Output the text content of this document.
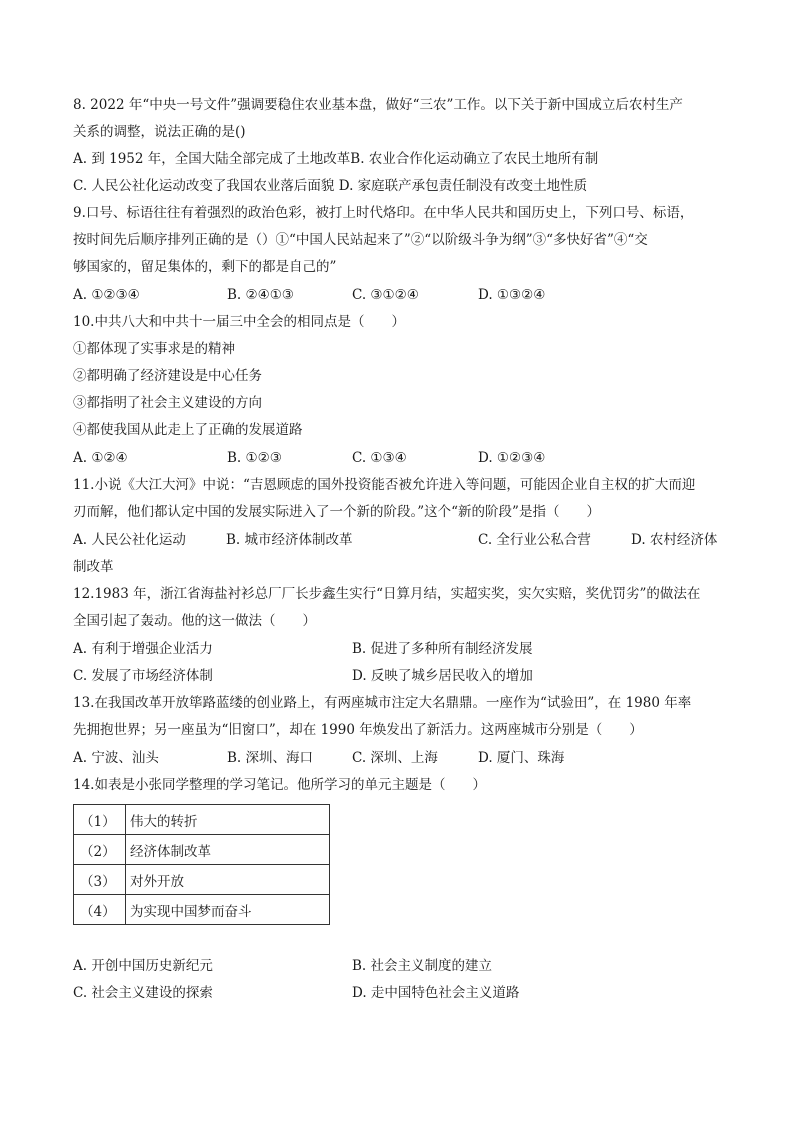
8. 2022 年“中央一号文件”强调要稳住农业基本盘，做好“三农”工作。以下关于新中国成立后农村生产
关系的调整，说法正确的是()
A. 到 1952 年，全国大陆全部完成了土地改革B. 农业合作化运动确立了农民土地所有制
C. 人民公社化运动改变了我国农业落后面貌 D. 家庭联产承包责任制没有改变土地性质
9.口号、标语往往有着强烈的政治色彩，被打上时代烙印。在中华人民共和国历史上，下列口号、标语，
按时间先后顺序排列正确的是（）①“中国人民站起来了”②“以阶级斗争为纲”③“多快好省”④“交
够国家的，留足集体的，剩下的都是自己的”
A. ①②③④	B. ②④①③	C. ③①②④	D. ①③②④
10.中共八大和中共十一届三中全会的相同点是（　　）
①都体现了实事求是的精神
②都明确了经济建设是中心任务
③都指明了社会主义建设的方向
④都使我国从此走上了正确的发展道路
A. ①②④	B. ①②③	C. ①③④	D. ①②③④
11.小说《大江大河》中说：“吉恩顾虑的国外投资能否被允许进入等问题，可能因企业自主权的扩大而迎
刃而解，他们都认定中国的发展实际进入了一个新的阶段。”这个“新的阶段”是指（　　）
A. 人民公社化运动	B. 城市经济体制改革	C. 全行业公私合营	D. 农村经济体
制改革
12.1983 年，浙江省海盐衬衫总厂厂长步鑫生实行“日算月结，实超实奖，实欠实赔，奖优罚劣”的做法在
全国引起了轰动。他的这一做法（　　）
A. 有利于增强企业活力	B. 促进了多种所有制经济发展
C. 发展了市场经济体制	D. 反映了城乡居民收入的增加
13.在我国改革开放筚路蓝缕的创业路上，有两座城市注定大名鼎鼎。一座作为“试验田”，在 1980 年率
先拥抱世界；另一座虽为“旧窗口”，却在 1990 年焕发出了新活力。这两座城市分别是（　　）
A. 宁波、汕头	B. 深圳、海口	C. 深圳、上海	D. 厦门、珠海
14.如表是小张同学整理的学习笔记。他所学习的单元主题是（　　）
（1）	伟大的转折
（2）	经济体制改革
（3）	对外开放
（4）	为实现中国梦而奋斗
A. 开创中国历史新纪元	B. 社会主义制度的建立
C. 社会主义建设的探索	D. 走中国特色社会主义道路
